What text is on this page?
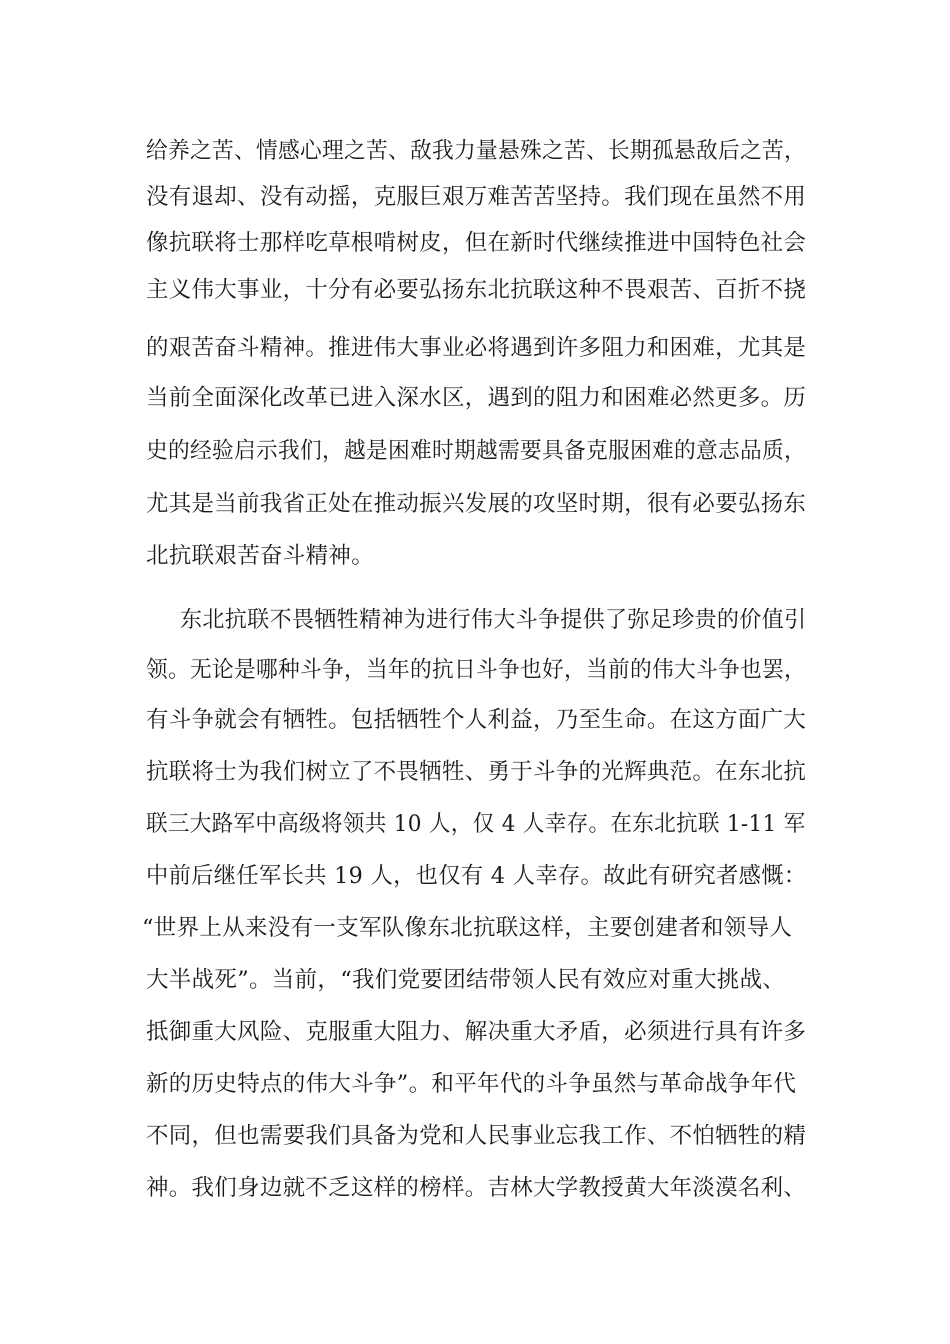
给养之苦、情感心理之苦、敌我力量悬殊之苦、长期孤悬敌后之苦，
没有退却、没有动摇，克服巨艰万难苦苦坚持。我们现在虽然不用
像抗联将士那样吃草根啃树皮，但在新时代继续推进中国特色社会
主义伟大事业，十分有必要弘扬东北抗联这种不畏艰苦、百折不挠
的艰苦奋斗精神。推进伟大事业必将遇到许多阻力和困难，尤其是
当前全面深化改革已进入深水区，遇到的阻力和困难必然更多。历
史的经验启示我们，越是困难时期越需要具备克服困难的意志品质，
尤其是当前我省正处在推动振兴发展的攻坚时期，很有必要弘扬东
北抗联艰苦奋斗精神。
东北抗联不畏牺牲精神为进行伟大斗争提供了弥足珍贵的价值引
领。无论是哪种斗争，当年的抗日斗争也好，当前的伟大斗争也罢，
有斗争就会有牺牲。包括牺牲个人利益，乃至生命。在这方面广大
抗联将士为我们树立了不畏牺牲、勇于斗争的光辉典范。在东北抗
联三大路军中高级将领共 10 人，仅 4 人幸存。在东北抗联 1-11 军
中前后继任军长共 19 人，也仅有 4 人幸存。故此有研究者感慨：
“世界上从来没有一支军队像东北抗联这样，主要创建者和领导人
大半战死”。当前，“我们党要团结带领人民有效应对重大挑战、
抵御重大风险、克服重大阻力、解决重大矛盾，必须进行具有许多
新的历史特点的伟大斗争”。和平年代的斗争虽然与革命战争年代
不同，但也需要我们具备为党和人民事业忘我工作、不怕牺牲的精
神。我们身边就不乏这样的榜样。吉林大学教授黄大年淡漠名利、
